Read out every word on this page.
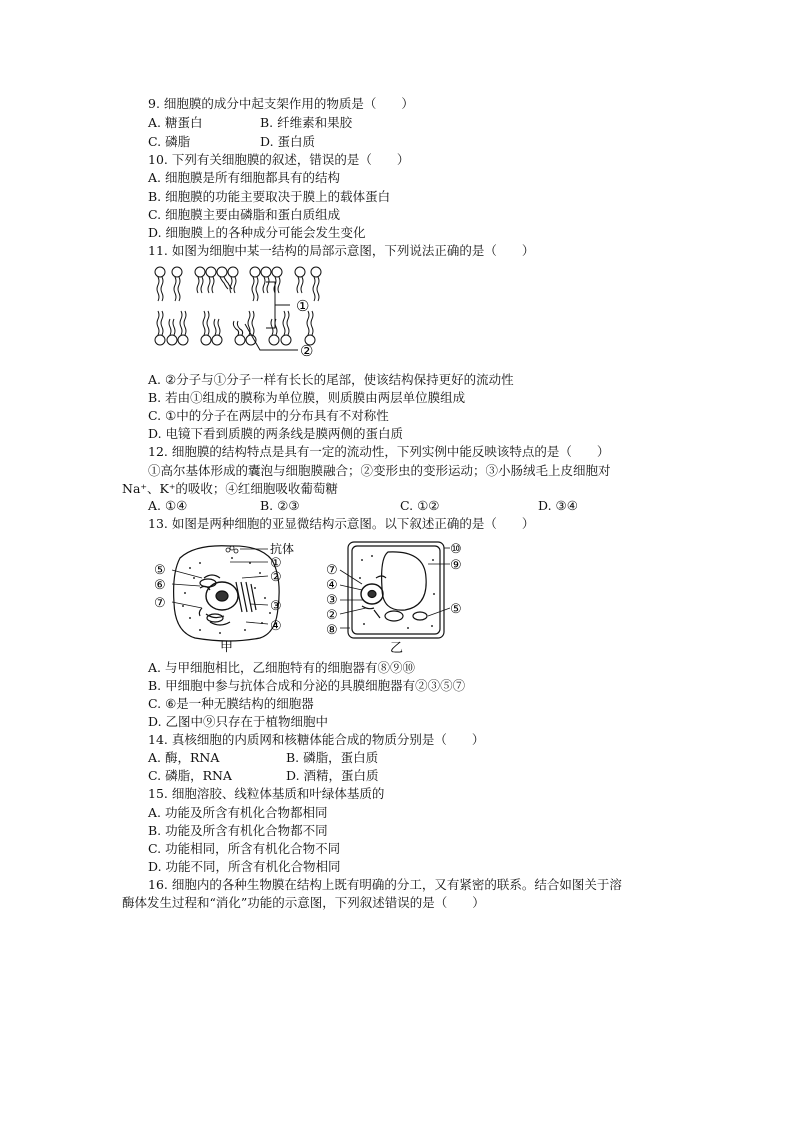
9. 细胞膜的成分中起支架作用的物质是（　　）
A. 糖蛋白	B. 纤维素和果胶
C. 磷脂	D. 蛋白质
10. 下列有关细胞膜的叙述，错误的是（　　）
A. 细胞膜是所有细胞都具有的结构
B. 细胞膜的功能主要取决于膜上的载体蛋白
C. 细胞膜主要由磷脂和蛋白质组成
D. 细胞膜上的各种成分可能会发生变化
11. 如图为细胞中某一结构的局部示意图，下列说法正确的是（　　）
①
②
A. ②分子与①分子一样有长长的尾部，使该结构保持更好的流动性
B. 若由①组成的膜称为单位膜，则质膜由两层单位膜组成
C. ①中的分子在两层中的分布具有不对称性
D. 电镜下看到质膜的两条线是膜两侧的蛋白质
12. 细胞膜的结构特点是具有一定的流动性，下列实例中能反映该特点的是（　　）
①高尔基体形成的囊泡与细胞膜融合；②变形虫的变形运动；③小肠绒毛上皮细胞对
Na⁺、K⁺的吸收；④红细胞吸收葡萄糖
A. ①④	B. ②③	C. ①②	D. ③④
13. 如图是两种细胞的亚显微结构示意图。以下叙述正确的是（　　）
抗体
①
②
③
④
⑤
⑥
⑦
甲
⑩
⑨
⑦
④
③
②
⑧
⑤
乙
A. 与甲细胞相比，乙细胞特有的细胞器有⑧⑨⑩
B. 甲细胞中参与抗体合成和分泌的具膜细胞器有②③⑤⑦
C. ⑥是一种无膜结构的细胞器
D. 乙图中⑨只存在于植物细胞中
14. 真核细胞的内质网和核糖体能合成的物质分别是（　　）
A. 酶，RNA	B. 磷脂，蛋白质
C. 磷脂，RNA	D. 酒精，蛋白质
15. 细胞溶胶、线粒体基质和叶绿体基质的
A. 功能及所含有机化合物都相同
B. 功能及所含有机化合物都不同
C. 功能相同，所含有机化合物不同
D. 功能不同，所含有机化合物相同
16. 细胞内的各种生物膜在结构上既有明确的分工，又有紧密的联系。结合如图关于溶
酶体发生过程和“消化”功能的示意图，下列叙述错误的是（　　）
